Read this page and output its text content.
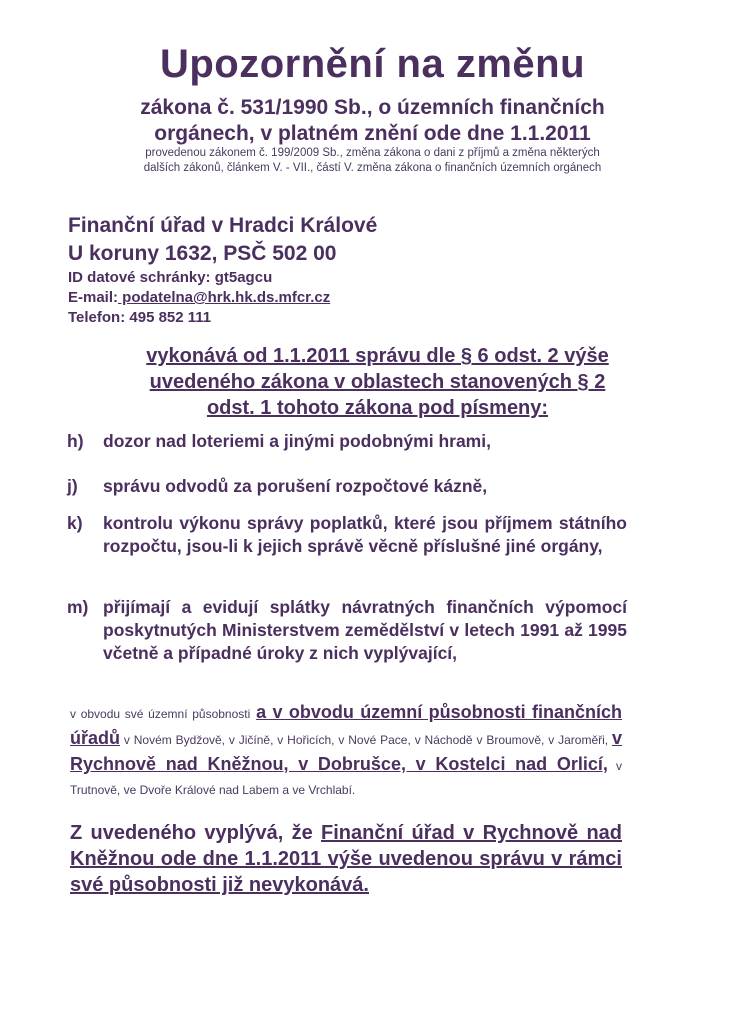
Upozornění na změnu
zákona č. 531/1990 Sb., o územních finančních
orgánech, v platném znění ode dne 1.1.2011
provedenou zákonem č. 199/2009 Sb., změna zákona o dani z příjmů a změna některých
dalších zákonů, článkem V. - VII., částí V. změna zákona o finančních územních orgánech
Finanční úřad v Hradci Králové
U koruny 1632, PSČ 502 00
ID datové schránky: gt5agcu
E-mail: podatelna@hrk.hk.ds.mfcr.cz
Telefon: 495 852 111
vykonává od 1.1.2011 správu dle § 6 odst. 2 výše
uvedeného zákona v oblastech stanovených § 2
odst. 1 tohoto zákona pod písmeny:
h)	dozor nad loteriemi a jinými podobnými hrami,
j)	správu odvodů za porušení rozpočtové kázně,
k)	kontrolu výkonu správy poplatků, které jsou příjmem státního rozpočtu, jsou-li k jejich správě věcně příslušné jiné orgány,
m) přijímají a evidují splátky návratných finančních výpomocí poskytnutých Ministerstvem zemědělství v letech 1991 až 1995 včetně a případné úroky z nich vyplývající,
v obvodu své územní působnosti a v obvodu územní působnosti finančních úřadů v Novém Bydžově, v Jičíně, v Hořicích, v Nové Pace, v Náchodě v Broumově, v Jaroměři, v Rychnově nad Kněžnou, v Dobrušce, v Kostelci nad Orlicí, v Trutnově, ve Dvoře Králové nad Labem a ve Vrchlabí.
Z uvedeného vyplývá, že Finanční úřad v Rychnově nad Kněžnou ode dne 1.1.2011 výše uvedenou správu v rámci své působnosti již nevykonává.
